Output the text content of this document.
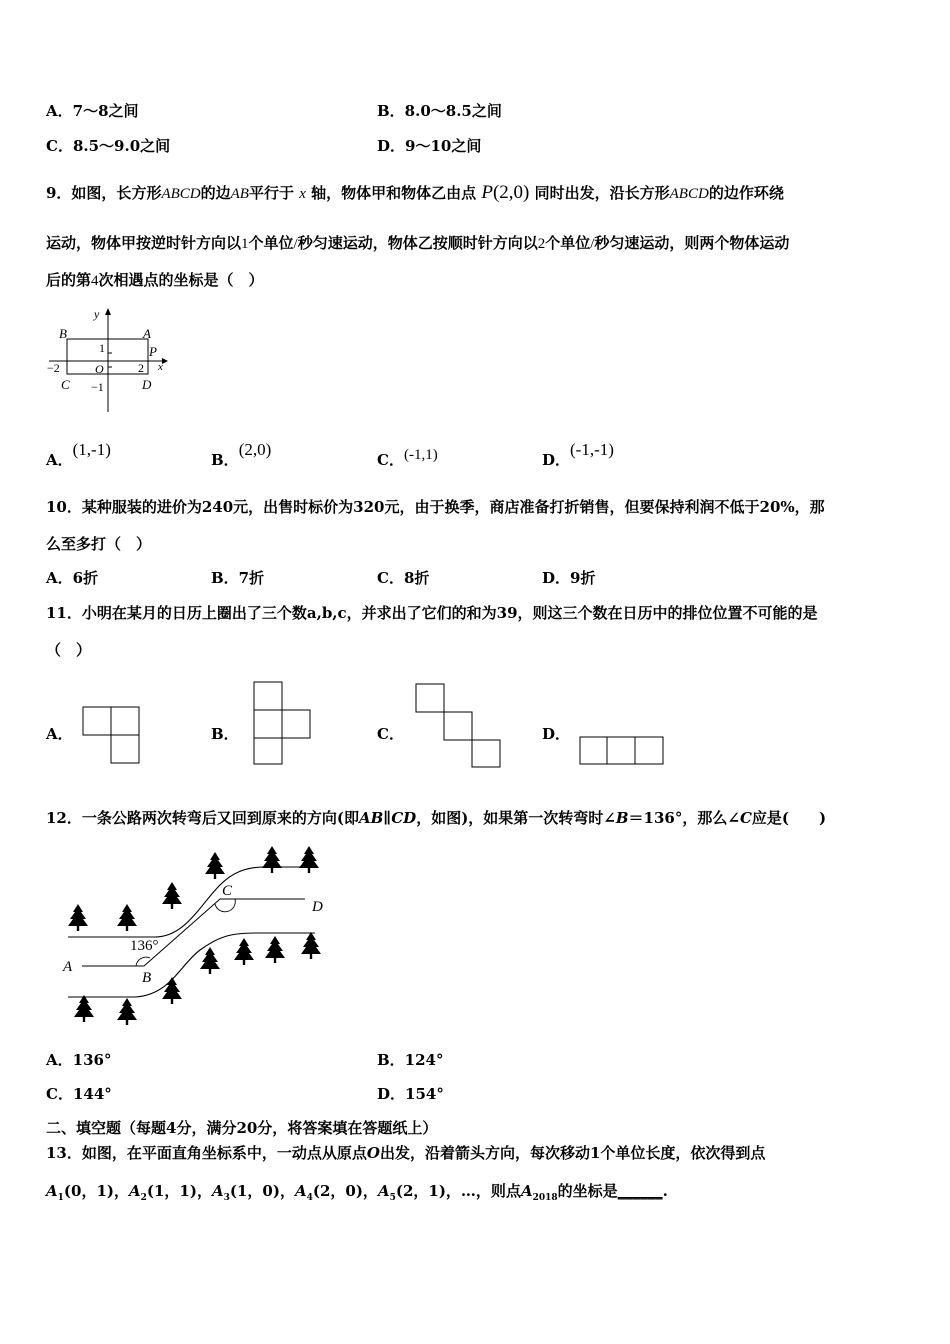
A．7～8之间	B．8.0～8.5之间
C．8.5～9.0之间	D．9～10之间
9．如图，长方形ABCD的边AB平行于 x 轴，物体甲和物体乙由点 P(2,0) 同时出发，沿长方形ABCD的边作环绕
运动，物体甲按逆时针方向以1个单位/秒匀速运动，物体乙按顺时针方向以2个单位/秒匀速运动，则两个物体运动
后的第4次相遇点的坐标是（　）
y
x
B	A
P
C	D
1
−1
−2	2
O
A．(1,-1)
B．(2,0)
C．(-1,1)	D．(-1,-1)
10．某种服装的进价为240元，出售时标价为320元，由于换季，商店准备打折销售，但要保持利润不低于20%，那
么至多打（　）
A．6折	B．7折	C．8折	D．9折
11．小明在某月的日历上圈出了三个数a,b,c，并求出了它们的和为39，则这三个数在日历中的排位位置不可能的是
（　）
A．	B．	C．	D．
12．一条公路两次转弯后又回到原来的方向(即AB∥CD，如图)，如果第一次转弯时∠B＝136°，那么∠C应是(　　)
136°
A
B
C
D
A．136°	B．124°
C．144°	D．154°
二、填空题（每题4分，满分20分，将答案填在答题纸上）
13．如图，在平面直角坐标系中，一动点从原点O出发，沿着箭头方向，每次移动1个单位长度，依次得到点
$A_1(0$，1)，$A_2(1$，1)，$A_3(1$，0)，$A_4(2$，0)，$A_5(2$，1)，…，则点$A_{2018}$的坐标是______.
